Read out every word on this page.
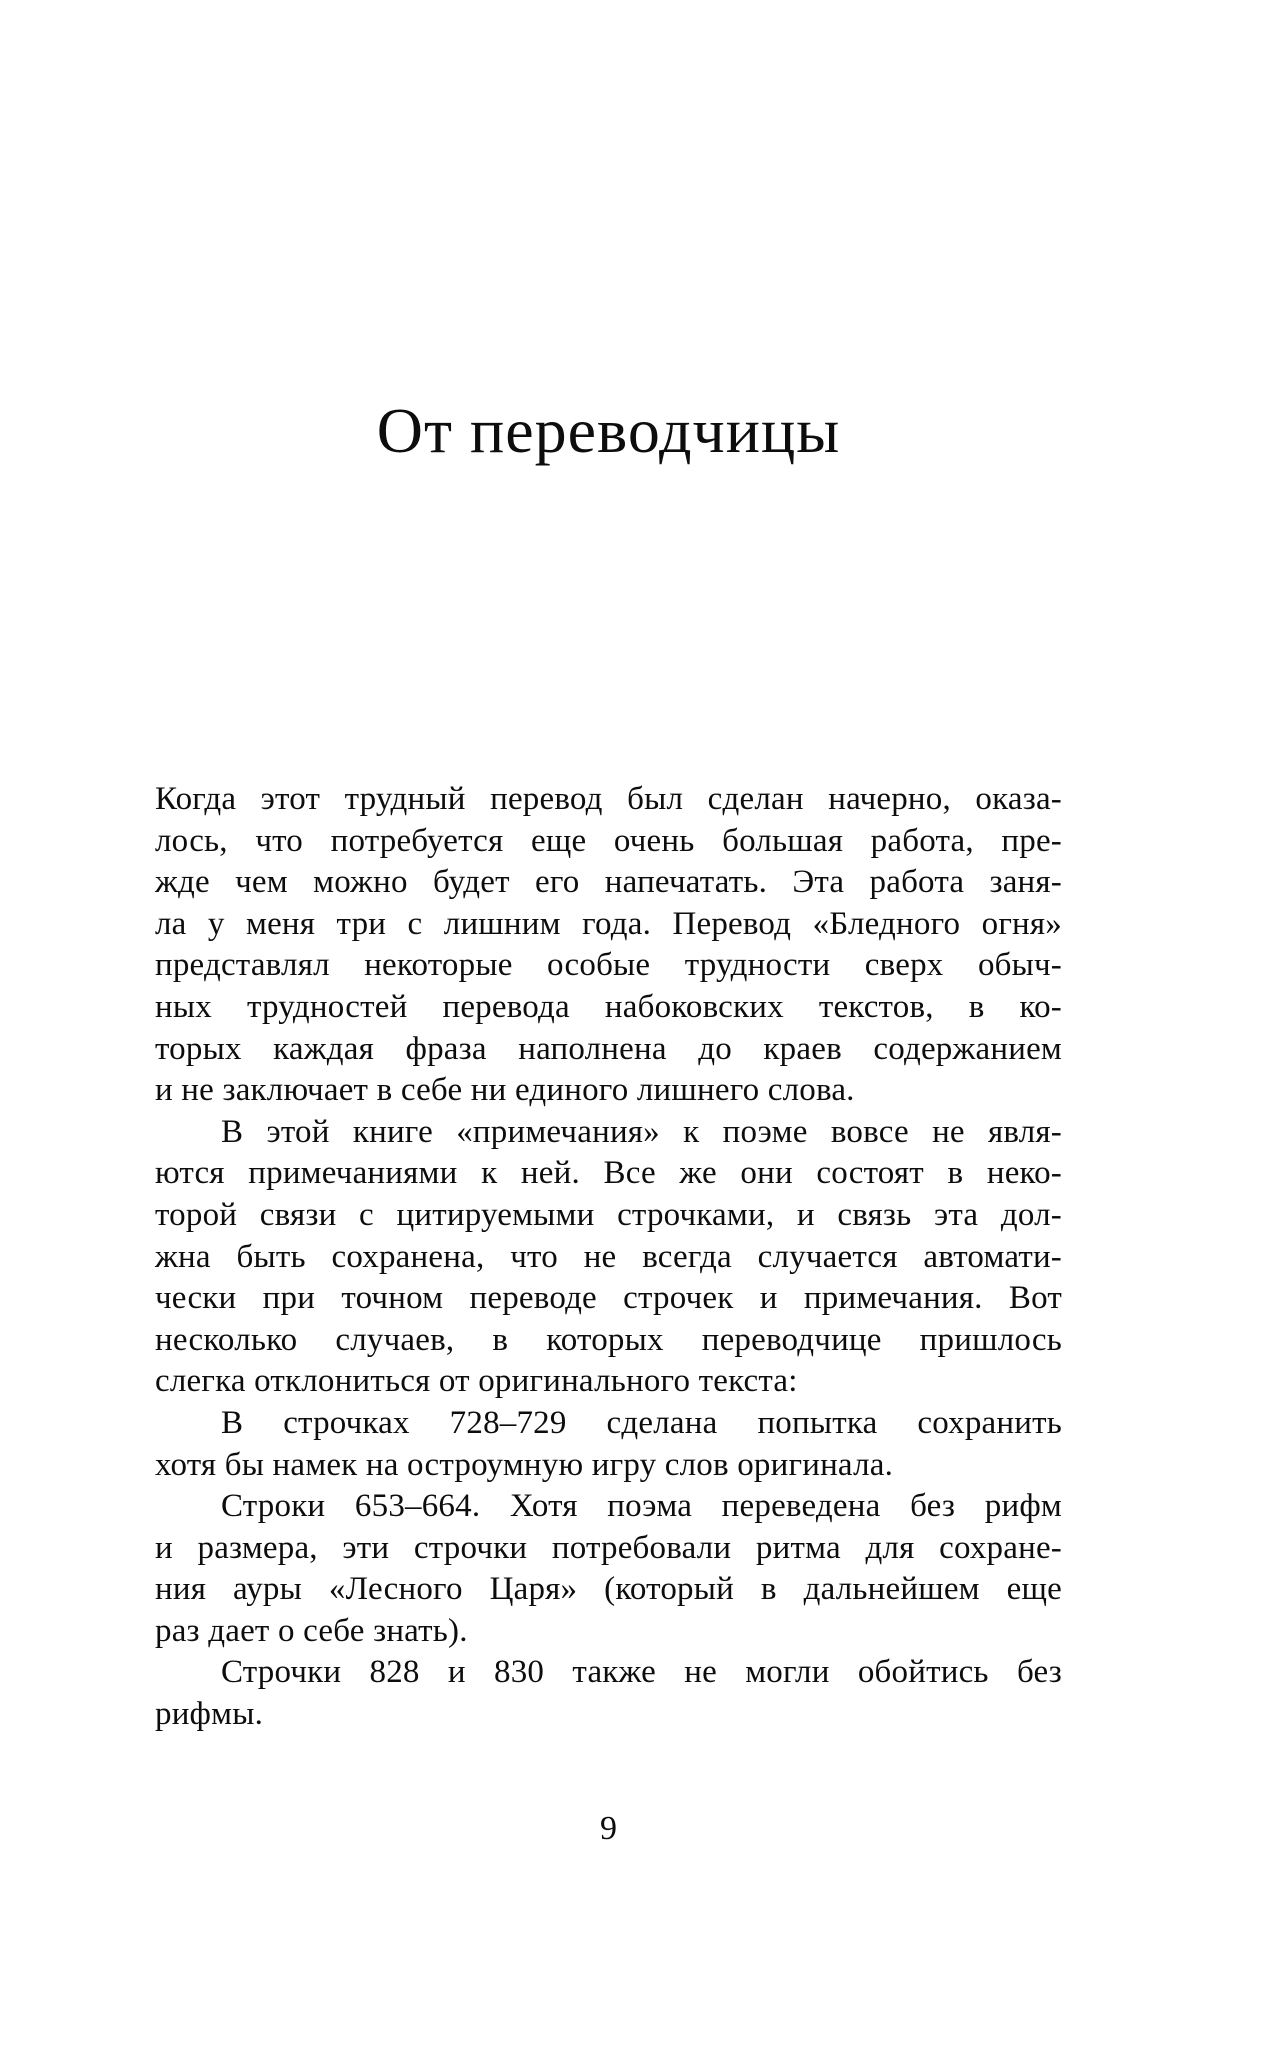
От переводчицы
Когда этот трудный перевод был сделан начерно, оказа-
лось, что потребуется еще очень большая работа, пре-
жде чем можно будет его напечатать. Эта работа заня-
ла у меня три с лишним года. Перевод «Бледного огня»
представлял некоторые особые трудности сверх обыч-
ных трудностей перевода набоковских текстов, в ко-
торых каждая фраза наполнена до краев содержанием
и не заключает в себе ни единого лишнего слова.
В этой книге «примечания» к поэме вовсе не явля-
ются примечаниями к ней. Все же они состоят в неко-
торой связи с цитируемыми строчками, и связь эта дол-
жна быть сохранена, что не всегда случается автомати-
чески при точном переводе строчек и примечания. Вот
несколько случаев, в которых переводчице пришлось
слегка отклониться от оригинального текста:
В строчках 728–729 сделана попытка сохранить
хотя бы намек на остроумную игру слов оригинала.
Строки 653–664. Хотя поэма переведена без рифм
и размера, эти строчки потребовали ритма для сохране-
ния ауры «Лесного Царя» (который в дальнейшем еще
раз дает о себе знать).
Строчки 828 и 830 также не могли обойтись без
рифмы.
9
